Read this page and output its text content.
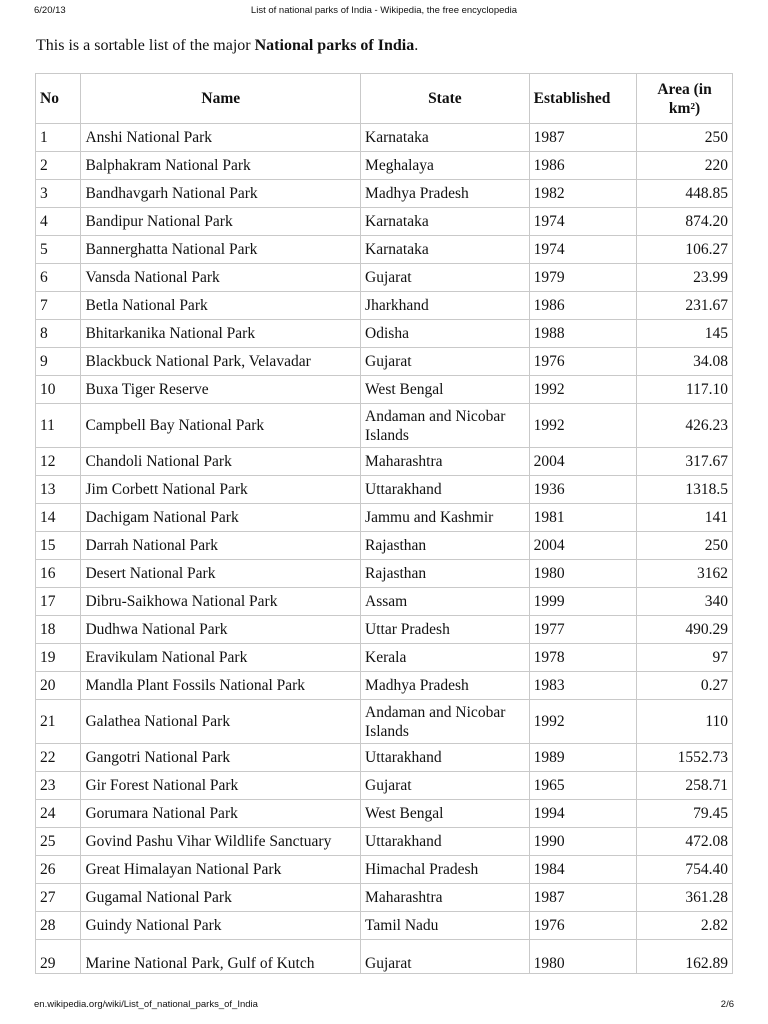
6/20/13	List of national parks of India - Wikipedia, the free encyclopedia

This is a sortable list of the major National parks of India.

No	Name	State	Established	Area (in km²)
1	Anshi National Park	Karnataka	1987	250
2	Balphakram National Park	Meghalaya	1986	220
3	Bandhavgarh National Park	Madhya Pradesh	1982	448.85
4	Bandipur National Park	Karnataka	1974	874.20
5	Bannerghatta National Park	Karnataka	1974	106.27
6	Vansda National Park	Gujarat	1979	23.99
7	Betla National Park	Jharkhand	1986	231.67
8	Bhitarkanika National Park	Odisha	1988	145
9	Blackbuck National Park, Velavadar	Gujarat	1976	34.08
10	Buxa Tiger Reserve	West Bengal	1992	117.10
11	Campbell Bay National Park	Andaman and Nicobar Islands	1992	426.23
12	Chandoli National Park	Maharashtra	2004	317.67
13	Jim Corbett National Park	Uttarakhand	1936	1318.5
14	Dachigam National Park	Jammu and Kashmir	1981	141
15	Darrah National Park	Rajasthan	2004	250
16	Desert National Park	Rajasthan	1980	3162
17	Dibru-Saikhowa National Park	Assam	1999	340
18	Dudhwa National Park	Uttar Pradesh	1977	490.29
19	Eravikulam National Park	Kerala	1978	97
20	Mandla Plant Fossils National Park	Madhya Pradesh	1983	0.27
21	Galathea National Park	Andaman and Nicobar Islands	1992	110
22	Gangotri National Park	Uttarakhand	1989	1552.73
23	Gir Forest National Park	Gujarat	1965	258.71
24	Gorumara National Park	West Bengal	1994	79.45
25	Govind Pashu Vihar Wildlife Sanctuary	Uttarakhand	1990	472.08
26	Great Himalayan National Park	Himachal Pradesh	1984	754.40
27	Gugamal National Park	Maharashtra	1987	361.28
28	Guindy National Park	Tamil Nadu	1976	2.82
29	Marine National Park, Gulf of Kutch	Gujarat	1980	162.89
en.wikipedia.org/wiki/List_of_national_parks_of_India	2/6
